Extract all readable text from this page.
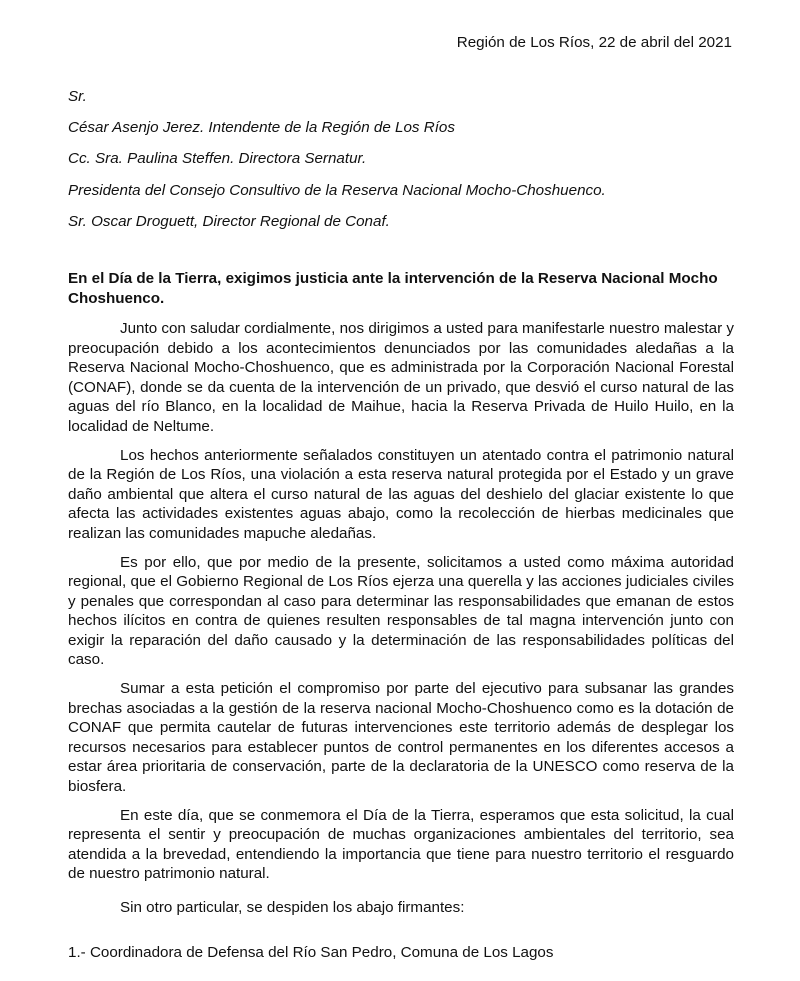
Región de Los Ríos, 22 de abril del 2021
Sr.
César Asenjo Jerez. Intendente de la Región de Los Ríos
Cc. Sra. Paulina Steffen. Directora Sernatur.
Presidenta del Consejo Consultivo de la Reserva Nacional Mocho-Choshuenco.
Sr. Oscar Droguett, Director Regional de Conaf.
En el Día de la Tierra, exigimos justicia ante la intervención de la Reserva Nacional Mocho Choshuenco.

Junto con saludar cordialmente, nos dirigimos a usted para manifestarle nuestro malestar y preocupación debido a los acontecimientos denunciados por las comunidades aledañas a la Reserva Nacional Mocho-Choshuenco, que es administrada por la Corporación Nacional Forestal (CONAF), donde se da cuenta de la intervención de un privado, que desvió el curso natural de las aguas del río Blanco, en la localidad de Maihue, hacia la Reserva Privada de Huilo Huilo, en la localidad de Neltume.

Los hechos anteriormente señalados constituyen un atentado contra el patrimonio natural de la Región de Los Ríos, una violación a esta reserva natural protegida por el Estado y un grave daño ambiental que altera el curso natural de las aguas del deshielo del glaciar existente lo que afecta las actividades existentes aguas abajo, como la recolección de hierbas medicinales que realizan las comunidades mapuche aledañas.

Es por ello, que por medio de la presente, solicitamos a usted como máxima autoridad regional, que el Gobierno Regional de Los Ríos ejerza una querella y las acciones judiciales civiles y penales que correspondan al caso para determinar las responsabilidades que emanan de estos hechos ilícitos en contra de quienes resulten responsables de tal magna intervención junto con exigir la reparación del daño causado y la determinación de las responsabilidades políticas del caso.

Sumar a esta petición el compromiso por parte del ejecutivo para subsanar las grandes brechas asociadas a la gestión de la reserva nacional Mocho-Choshuenco como es la dotación de CONAF que permita cautelar de futuras intervenciones este territorio además de desplegar los recursos necesarios para establecer puntos de control permanentes en los diferentes accesos a estar área prioritaria de conservación, parte de la declaratoria de la UNESCO como reserva de la biosfera.

En este día, que se conmemora el Día de la Tierra, esperamos que esta solicitud, la cual representa el sentir y preocupación de muchas organizaciones ambientales del territorio, sea atendida a la brevedad, entendiendo la importancia que tiene para nuestro territorio el resguardo de nuestro patrimonio natural.

Sin otro particular, se despiden los abajo firmantes:
1.- Coordinadora de Defensa del Río San Pedro, Comuna de Los Lagos
